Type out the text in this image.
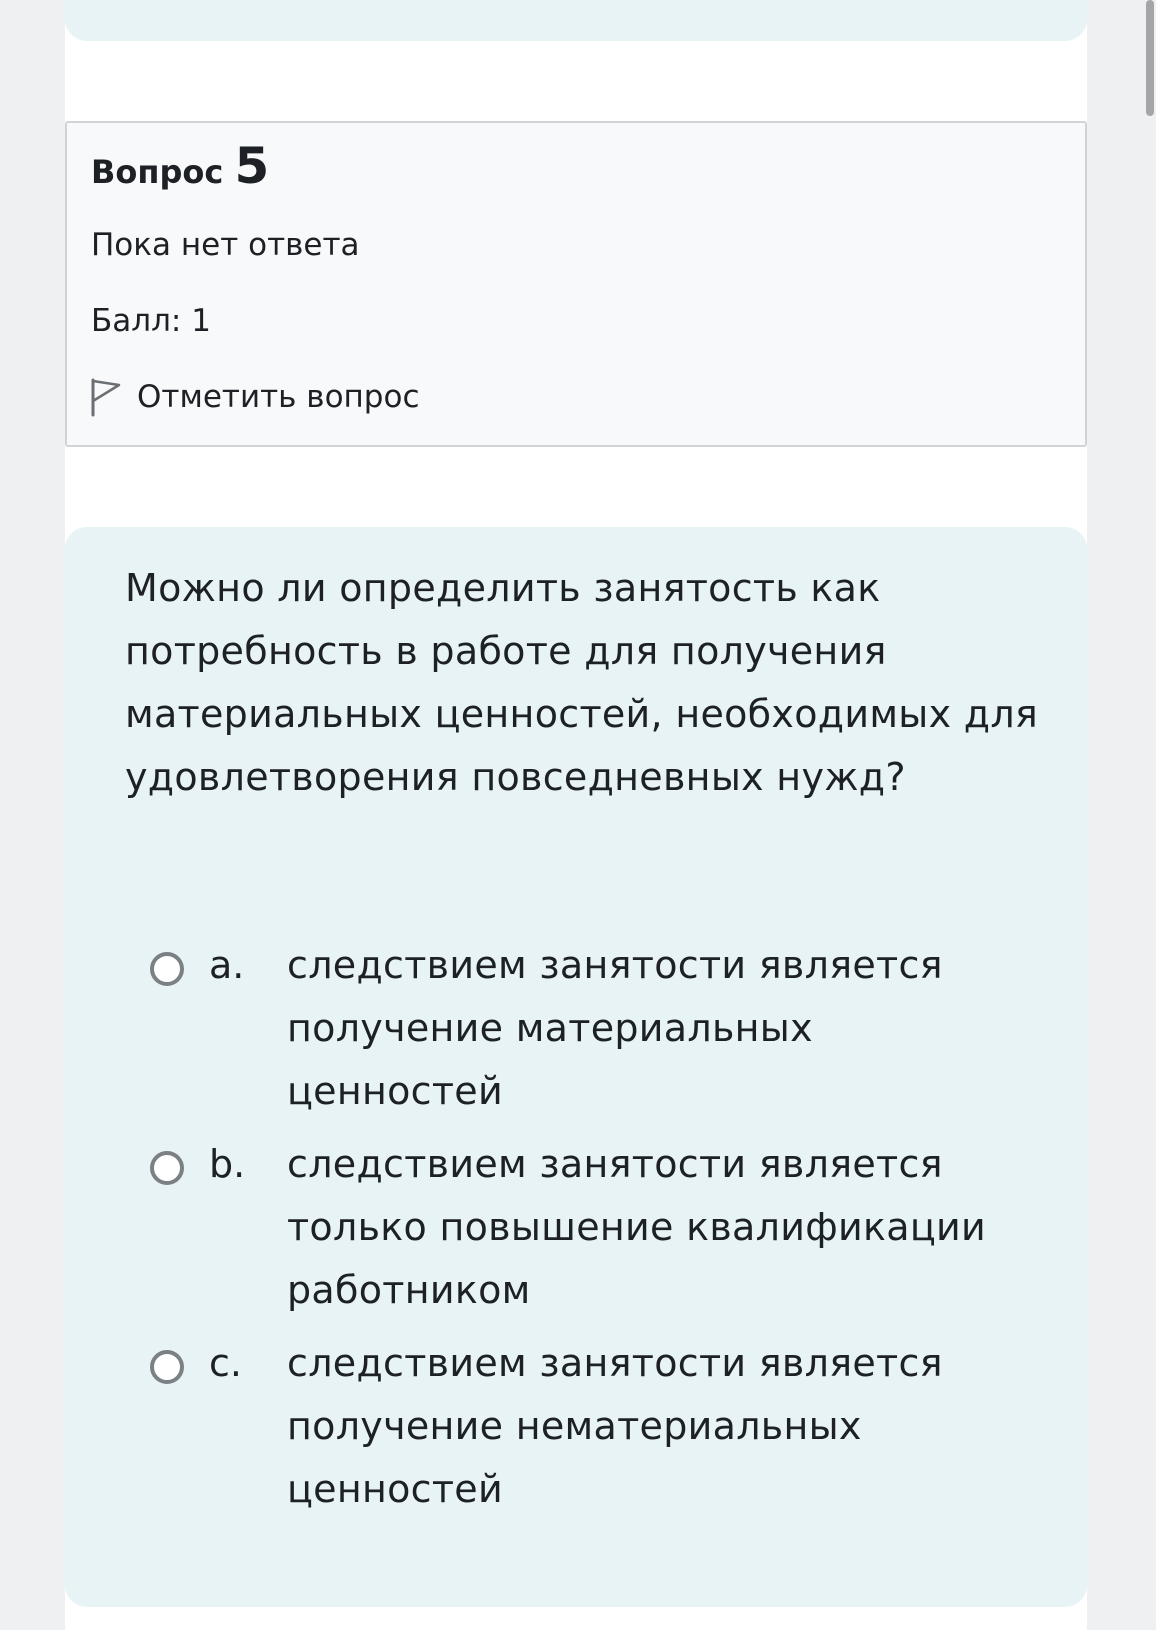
Вопрос 5
Пока нет ответа
Балл: 1
Отметить вопрос

Можно ли определить занятость как потребность в работе для получения материальных ценностей, необходимых для удовлетворения повседневных нужд?

a.	следствием занятости является получение материальных ценностей
b.	следствием занятости является только повышение квалификации работником
c.	следствием занятости является получение нематериальных ценностей
